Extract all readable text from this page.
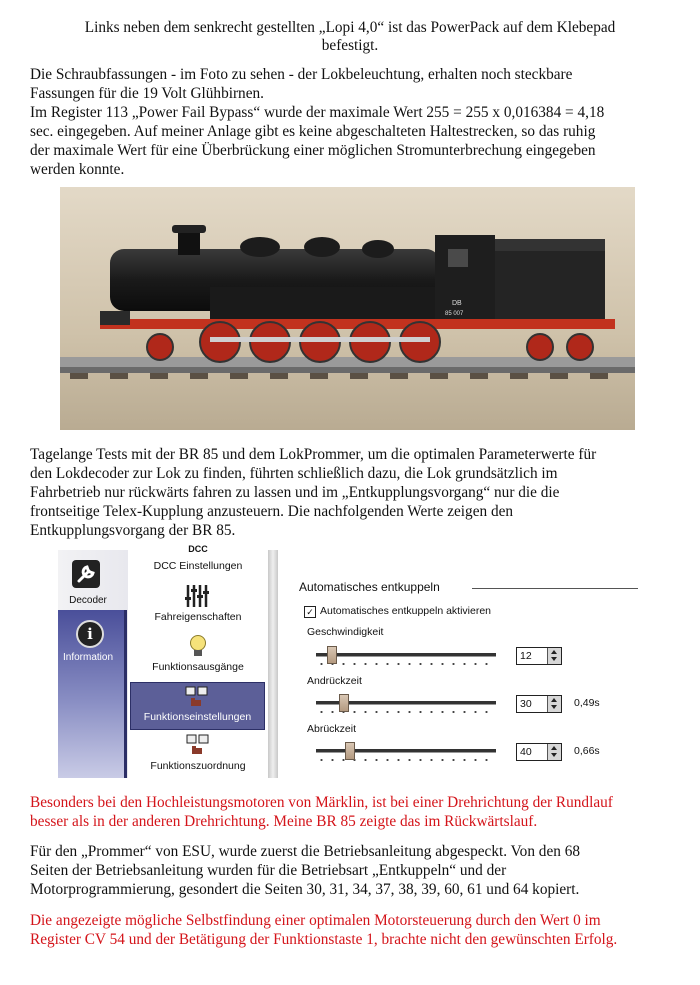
Links neben dem senkrecht gestellten „Lopi 4,0“ ist das PowerPack auf dem Klebepad
befestigt.
Die Schraubfassungen - im Foto zu sehen - der Lokbeleuchtung, erhalten noch steckbare
Fassungen für die 19 Volt Glühbirnen.
Im Register 113 „Power Fail Bypass“ wurde der maximale Wert 255 = 255 x 0,016384 = 4,18
sec. eingegeben. Auf meiner Anlage gibt es keine abgeschalteten Haltestrecken, so das ruhig
der maximale Wert für eine Überbrückung einer möglichen Stromunterbrechung eingegeben
werden konnte.
DB
85 007
Tagelange Tests mit der BR 85 und dem LokPrommer, um die optimalen Parameterwerte für
den Lokdecoder zur Lok zu finden, führten schließlich dazu, die Lok grundsätzlich im
Fahrbetrieb nur rückwärts fahren zu lassen und im „Entkupplungsvorgang“ nur die die
frontseitige Telex-Kupplung anzusteuern. Die nachfolgenden Werte zeigen den
Entkupplungsvorgang der BR 85.
Decoder
i
Information
DCC
DCC Einstellungen
Fahreigenschaften
Funktionsausgänge
Funktionseinstellungen
Funktionszuordnung
Automatisches entkuppeln
✓ Automatisches entkuppeln aktivieren
Geschwindigkeit
12
Andrückzeit
30	0,49s
Abrückzeit
40	0,66s
Besonders bei den Hochleistungsmotoren von Märklin, ist bei einer Drehrichtung der Rundlauf
besser als in der anderen Drehrichtung. Meine BR 85 zeigte das im Rückwärtslauf.
Für den „Prommer“ von ESU, wurde zuerst die Betriebsanleitung abgespeckt. Von den 68
Seiten der Betriebsanleitung wurden für die Betriebsart „Entkuppeln“ und der
Motorprogrammierung, gesondert die Seiten 30, 31, 34, 37, 38, 39, 60, 61 und 64 kopiert.
Die angezeigte mögliche Selbstfindung einer optimalen Motorsteuerung durch den Wert 0 im
Register CV 54 und der Betätigung der Funktionstaste 1, brachte nicht den gewünschten Erfolg.
